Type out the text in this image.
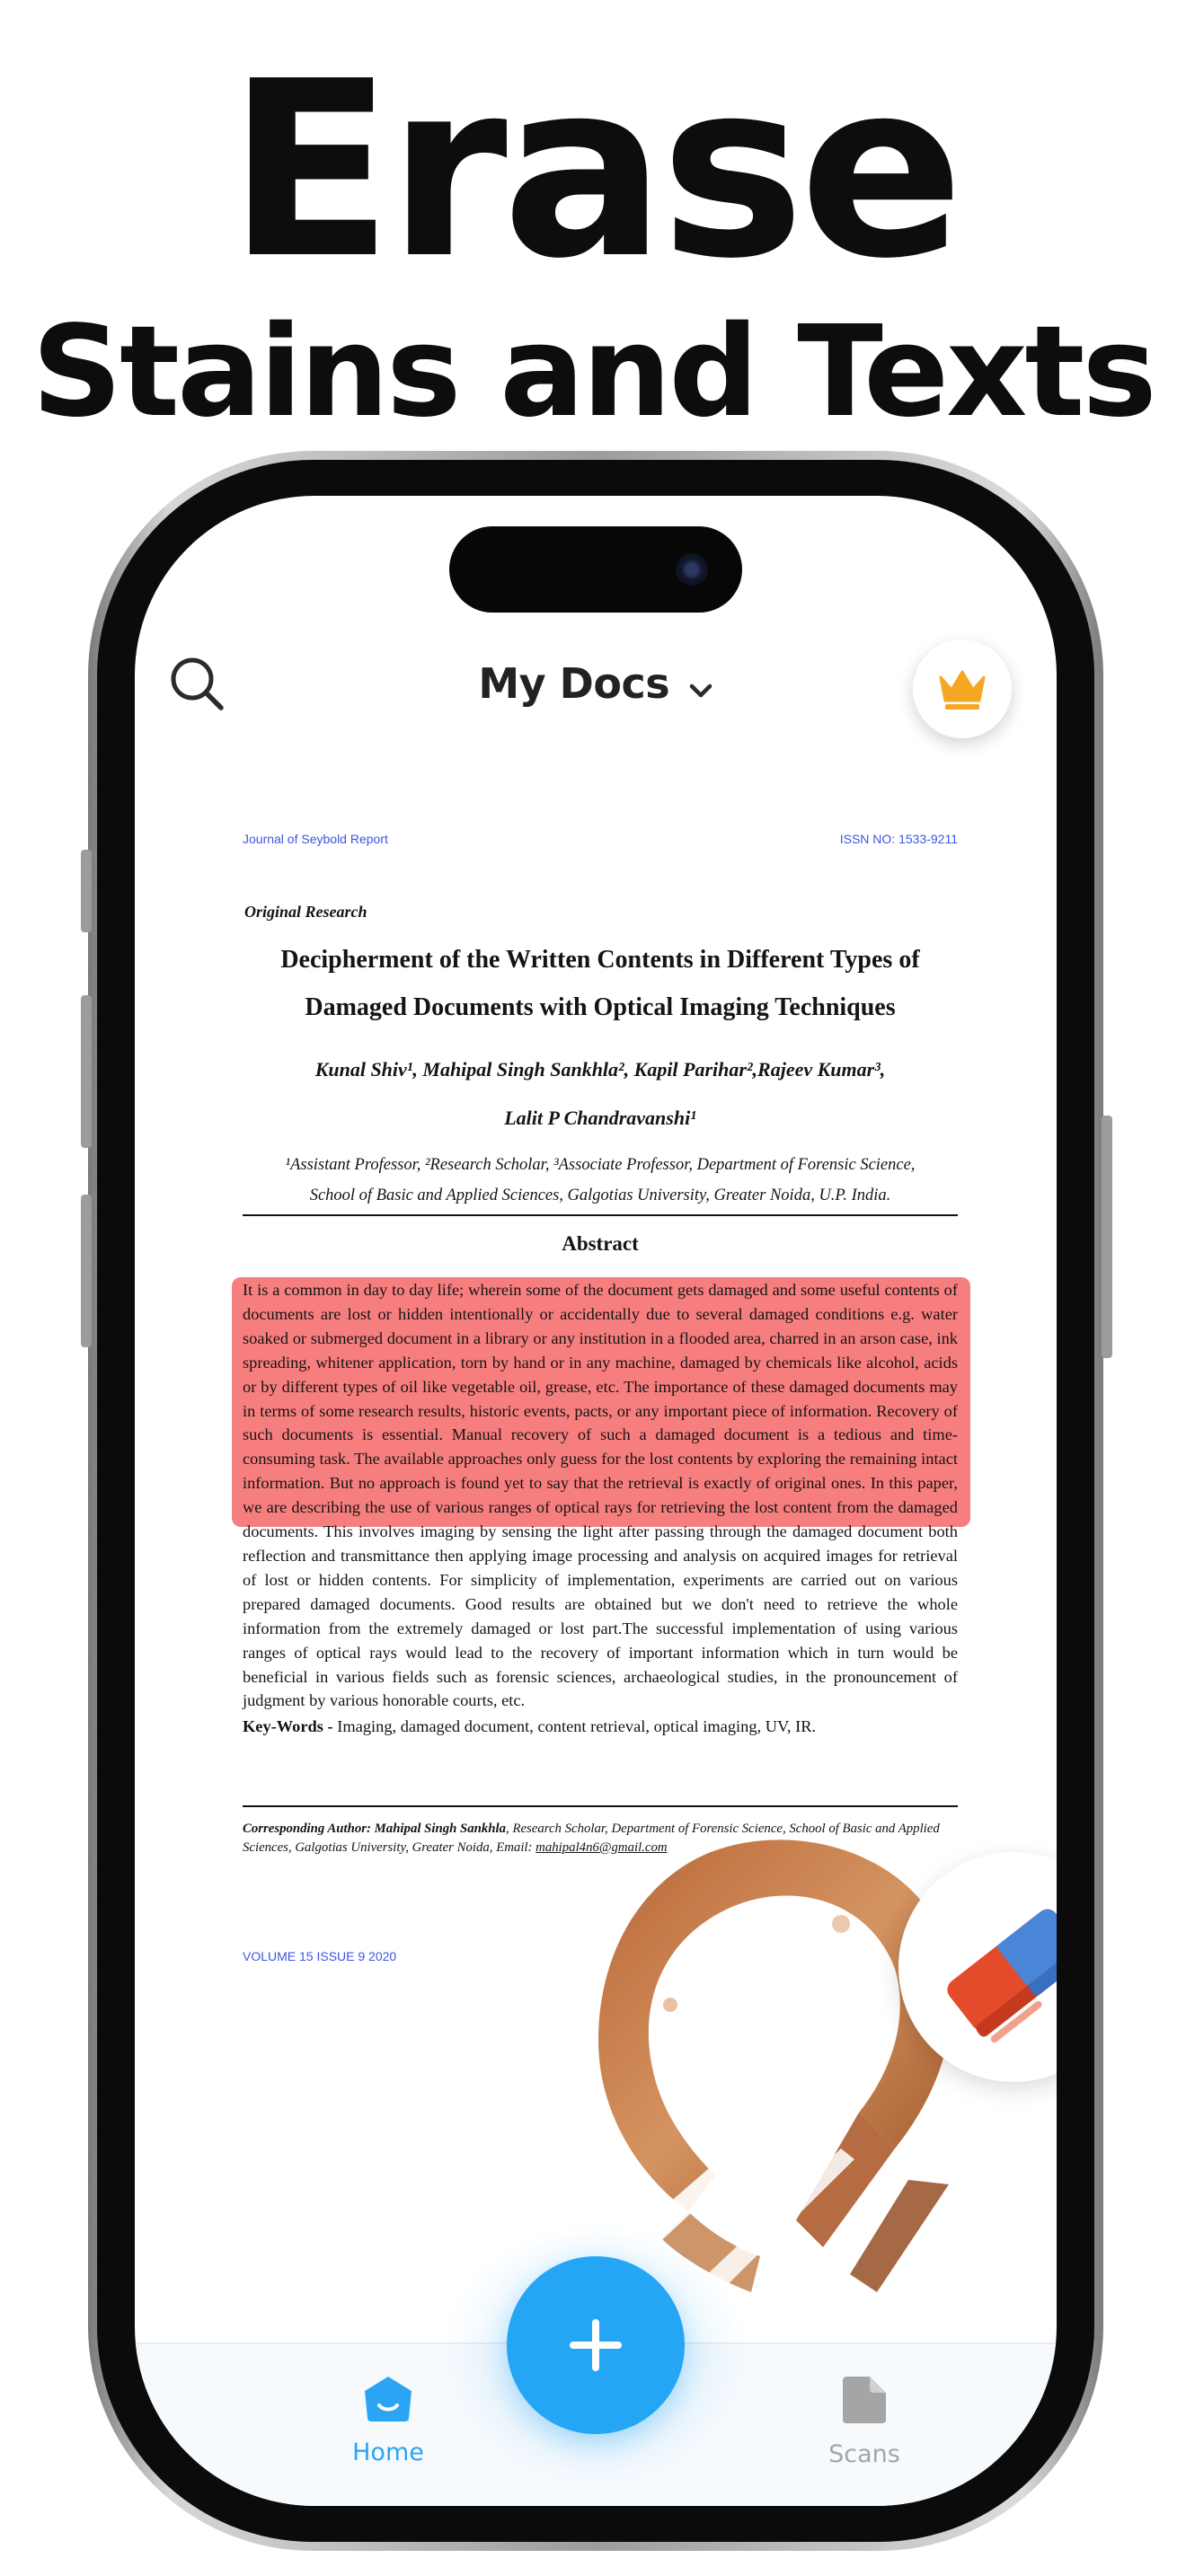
Erase
Stains and Texts
My Docs
Journal of Seybold Report	ISSN NO: 1533-9211
Original Research
Decipherment of the Written Contents in Different Types of
Damaged Documents with Optical Imaging Techniques
Kunal Shiv¹, Mahipal Singh Sankhla², Kapil Parihar²,Rajeev Kumar³,
Lalit P Chandravanshi¹
¹Assistant Professor, ²Research Scholar, ³Associate Professor, Department of Forensic Science,
School of Basic and Applied Sciences, Galgotias University, Greater Noida, U.P. India.
Abstract

It is a common in day to day life; wherein some of the document gets damaged and some useful contents of documents are lost or hidden intentionally or accidentally due to several damaged conditions e.g. water soaked or submerged document in a library or any institution in a flooded area, charred in an arson case, ink spreading, whitener application, torn by hand or in any machine, damaged by chemicals like alcohol, acids or by different types of oil like vegetable oil, grease, etc. The importance of these damaged documents may in terms of some research results, historic events, pacts, or any important piece of information. Recovery of such documents is essential. Manual recovery of such a damaged document is a tedious and time-consuming task. The available approaches only guess for the lost contents by exploring the remaining intact information. But no approach is found yet to say that the retrieval is exactly of original ones. In this paper, we are describing the use of various ranges of optical rays for retrieving the lost content from the damaged documents. This involves imaging by sensing the light after passing through the damaged document both reflection and transmittance then applying image processing and analysis on acquired images for retrieval of lost or hidden contents. For simplicity of implementation, experiments are carried out on various prepared damaged documents. Good results are obtained but we don't need to retrieve the whole information from the extremely damaged or lost part.The successful implementation of using various ranges of optical rays would lead to the recovery of important information which in turn would be beneficial in various fields such as forensic sciences, archaeological studies, in the pronouncement of judgment by various honorable courts, etc.

Key-Words - Imaging, damaged document, content retrieval, optical imaging, UV, IR.

Corresponding Author: Mahipal Singh Sankhla, Research Scholar, Department of Forensic Science, School of Basic and Applied Sciences, Galgotias University, Greater Noida, Email: mahipal4n6@gmail.com
VOLUME 15 ISSUE 9 2020
Home	Scans
